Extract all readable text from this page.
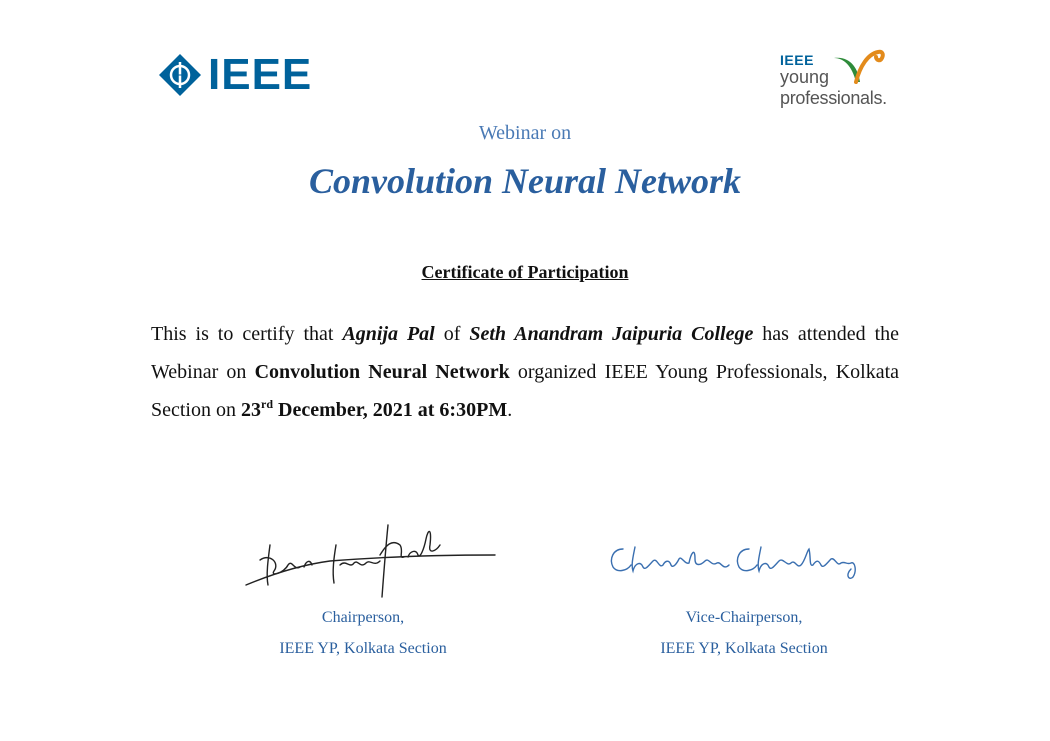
IEEE	IEEE
young
professionals.
Webinar on
Convolution Neural Network
Certificate of Participation
This is to certify that Agnija Pal of Seth Anandram Jaipuria College has attended the Webinar on Convolution Neural Network organized IEEE Young Professionals, Kolkata Section on 23rd December, 2021 at 6:30PM.
Chairperson,
IEEE YP, Kolkata Section
Vice-Chairperson,
IEEE YP, Kolkata Section
